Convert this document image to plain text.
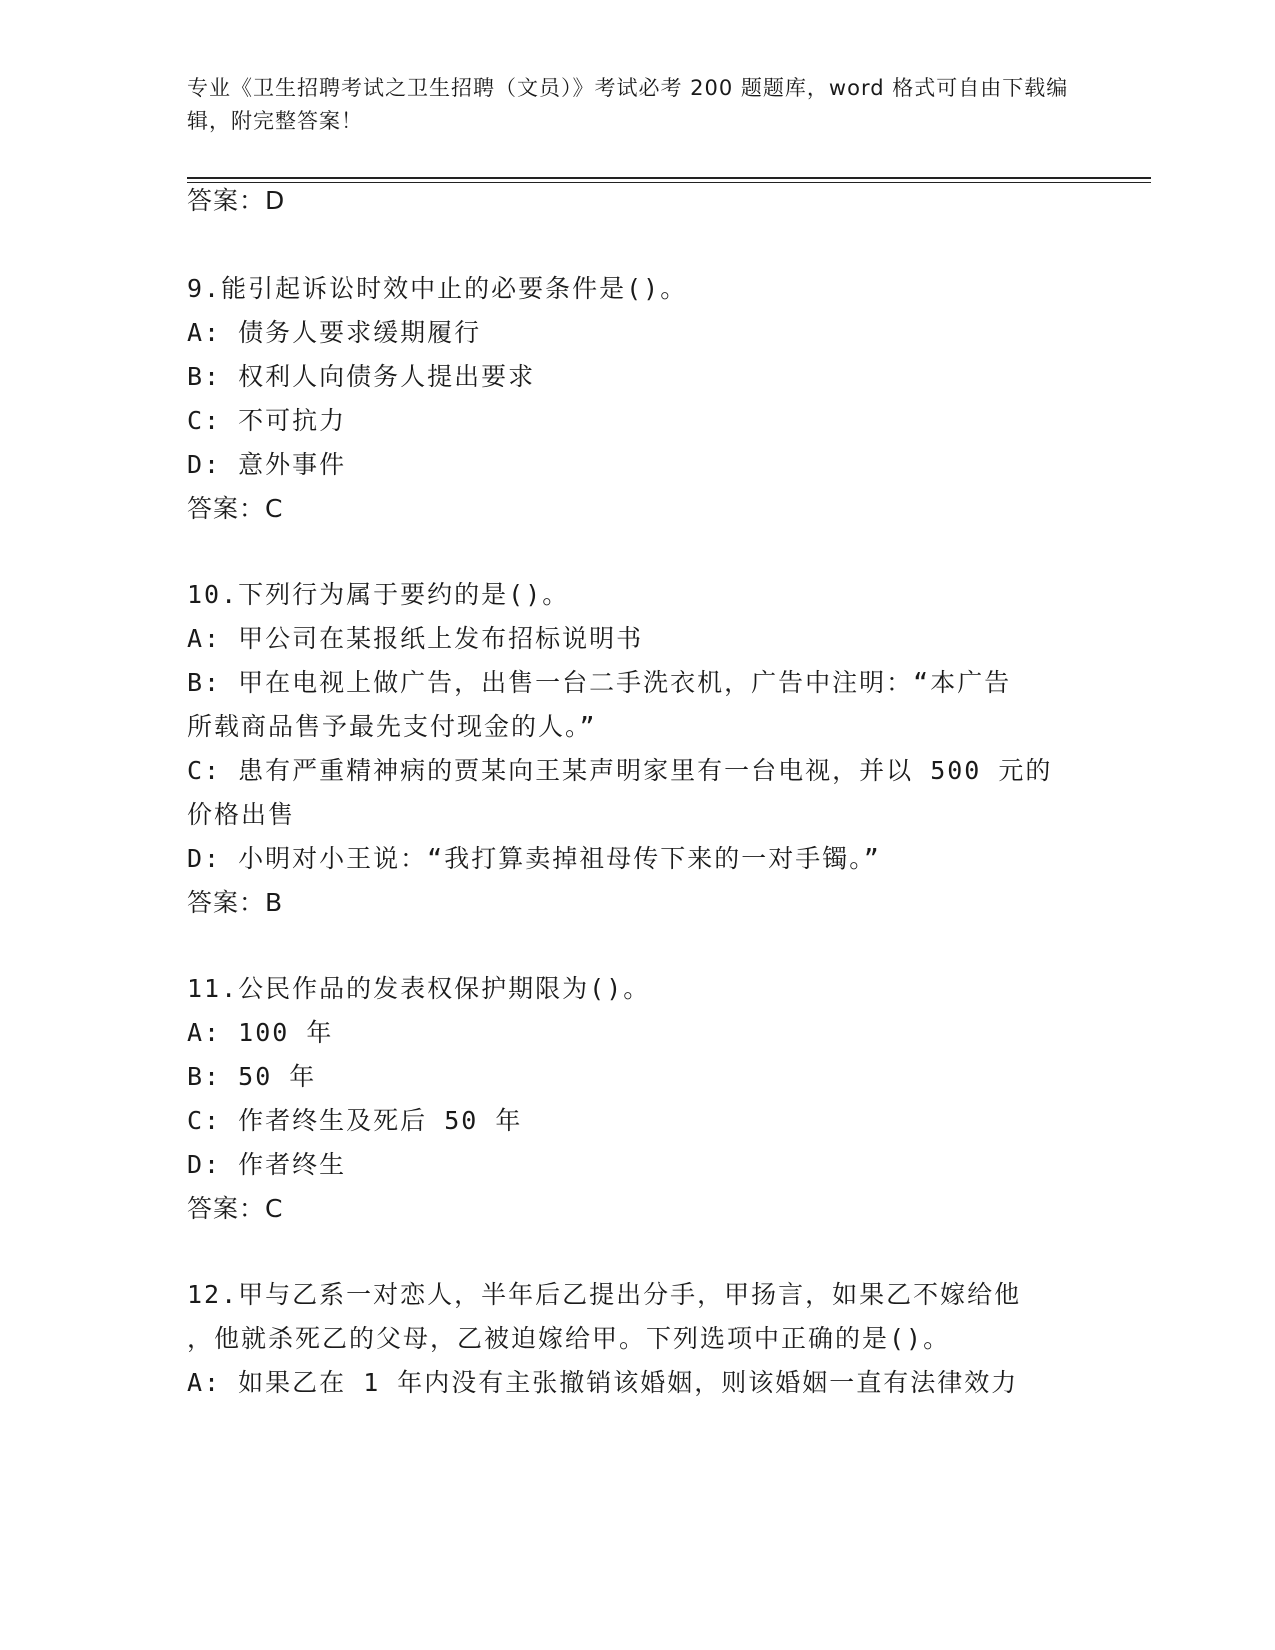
专业《卫生招聘考试之卫生招聘（文员）》考试必考 200 题题库，word 格式可自由下载编辑，附完整答案！

答案：D
9.能引起诉讼时效中止的必要条件是()。
A: 债务人要求缓期履行
B: 权利人向债务人提出要求
C: 不可抗力
D: 意外事件
答案：C
10.下列行为属于要约的是()。
A: 甲公司在某报纸上发布招标说明书
B: 甲在电视上做广告，出售一台二手洗衣机，广告中注明：“本广告
所载商品售予最先支付现金的人。”
C: 患有严重精神病的贾某向王某声明家里有一台电视，并以 500 元的
价格出售
D: 小明对小王说：“我打算卖掉祖母传下来的一对手镯。”
答案：B
11.公民作品的发表权保护期限为()。
A: 100 年
B: 50 年
C: 作者终生及死后 50 年
D: 作者终生
答案：C
12.甲与乙系一对恋人，半年后乙提出分手，甲扬言，如果乙不嫁给他
，他就杀死乙的父母，乙被迫嫁给甲。下列选项中正确的是()。
A: 如果乙在 1 年内没有主张撤销该婚姻，则该婚姻一直有法律效力
